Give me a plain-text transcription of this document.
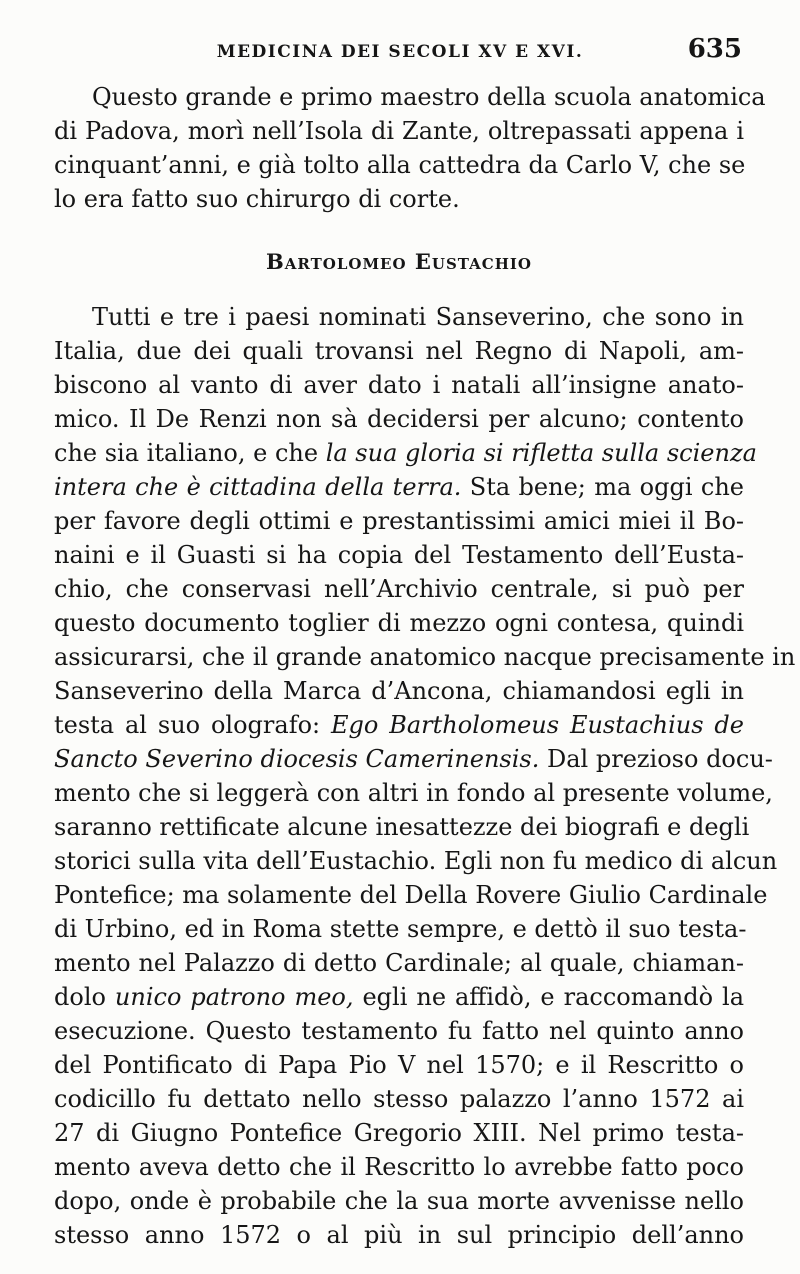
MEDICINA DEI SECOLI XV E XVI.	635
Questo grande e primo maestro della scuola anatomica
di Padova, morì nell’Isola di Zante, oltrepassati appena i
cinquant’anni, e già tolto alla cattedra da Carlo V, che se
lo era fatto suo chirurgo di corte.
Bartolomeo Eustachio
Tutti e tre i paesi nominati Sanseverino, che sono in
Italia, due dei quali trovansi nel Regno di Napoli, am-
biscono al vanto di aver dato i natali all’insigne anato-
mico. Il De Renzi non sà decidersi per alcuno; contento
che sia italiano, e che la sua gloria si rifletta sulla scienza
intera che è cittadina della terra. Sta bene; ma oggi che
per favore degli ottimi e prestantissimi amici miei il Bo-
naini e il Guasti si ha copia del Testamento dell’Eusta-
chio, che conservasi nell’Archivio centrale, si può per
questo documento toglier di mezzo ogni contesa, quindi
assicurarsi, che il grande anatomico nacque precisamente in
Sanseverino della Marca d’Ancona, chiamandosi egli in
testa al suo olografo: Ego Bartholomeus Eustachius de
Sancto Severino diocesis Camerinensis. Dal prezioso docu-
mento che si leggerà con altri in fondo al presente volume,
saranno rettificate alcune inesattezze dei biografi e degli
storici sulla vita dell’Eustachio. Egli non fu medico di alcun
Pontefice; ma solamente del Della Rovere Giulio Cardinale
di Urbino, ed in Roma stette sempre, e dettò il suo testa-
mento nel Palazzo di detto Cardinale; al quale, chiaman-
dolo unico patrono meo, egli ne affidò, e raccomandò la
esecuzione. Questo testamento fu fatto nel quinto anno
del Pontificato di Papa Pio V nel 1570; e il Rescritto o
codicillo fu dettato nello stesso palazzo l’anno 1572 ai
27 di Giugno Pontefice Gregorio XIII. Nel primo testa-
mento aveva detto che il Rescritto lo avrebbe fatto poco
dopo, onde è probabile che la sua morte avvenisse nello
stesso anno 1572 o al più in sul principio dell’anno
